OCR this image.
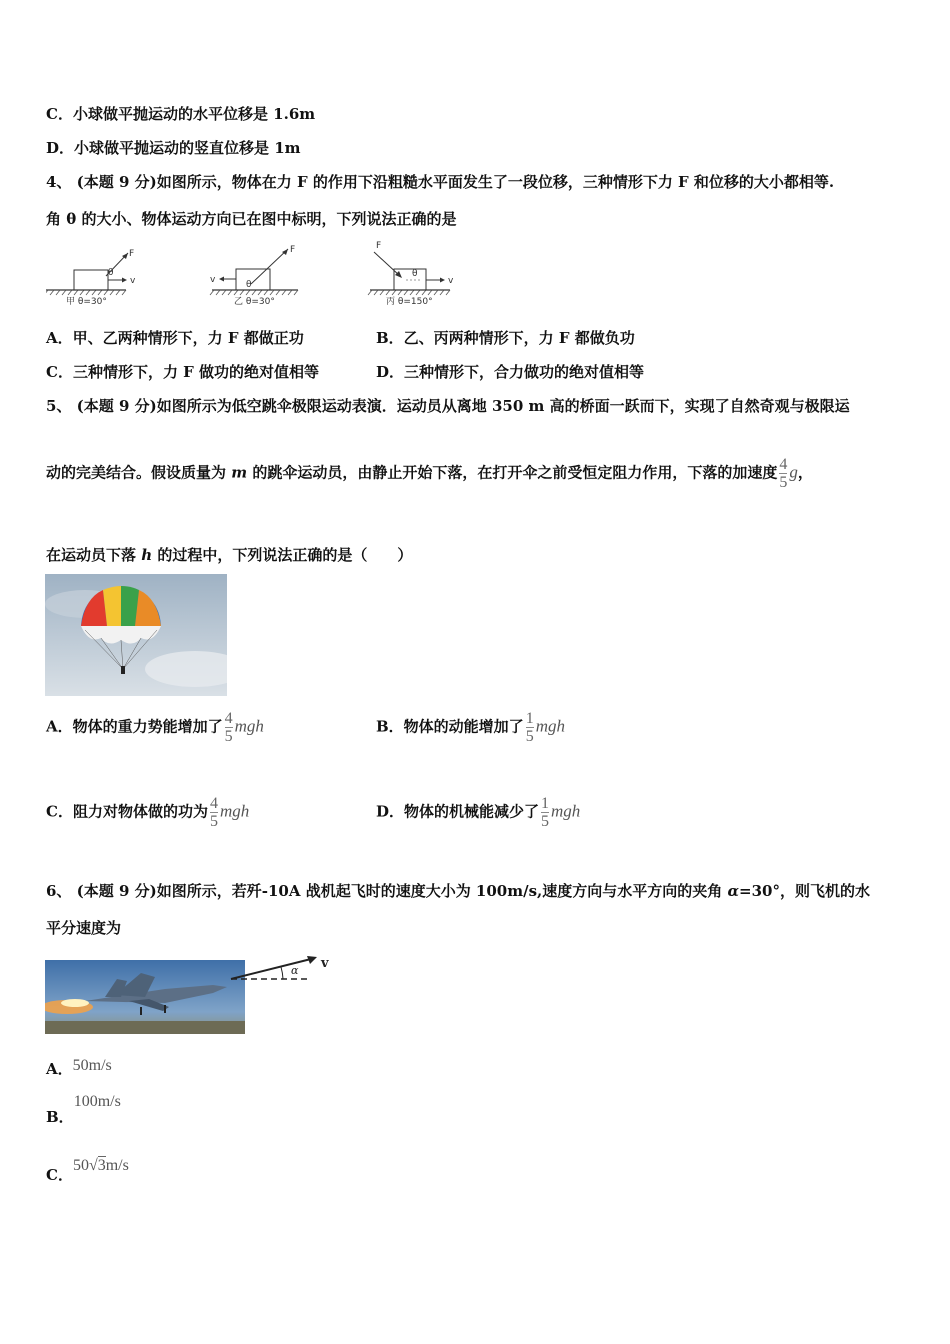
C．小球做平抛运动的水平位移是 1.6m
D．小球做平抛运动的竖直位移是 1m
4、 (本题 9 分)如图所示，物体在力 F 的作用下沿粗糙水平面发生了一段位移，三种情形下力 F 和位移的大小都相等.
角 θ 的大小、物体运动方向已在图中标明，下列说法正确的是
F
θ
v
甲 θ=30°
F
θ
v
乙 θ=30°
F
θ
v
丙 θ=150°
A．甲、乙两种情形下，力 F 都做正功	B．乙、丙两种情形下，力 F 都做负功
C．三种情形下，力 F 做功的绝对值相等	D．三种情形下，合力做功的绝对值相等
5、 (本题 9 分)如图所示为低空跳伞极限运动表演．运动员从离地 350 m 高的桥面一跃而下，实现了自然奇观与极限运
动的完美结合。假设质量为 m 的跳伞运动员，由静止开始下落，在打开伞之前受恒定阻力作用，下落的加速度 $\frac{4}{5}$ g，
在运动员下落 h 的过程中，下列说法正确的是（　　）
A．物体的重力势能增加了 $\frac{4}{5}$ mgh	B．物体的动能增加了 $\frac{1}{5}$ mgh
C．阻力对物体做的功为 $\frac{4}{5}$ mgh	D．物体的机械能减少了 $\frac{1}{5}$ mgh
6、 (本题 9 分)如图所示，若歼-10A 战机起飞时的速度大小为 100m/s,速度方向与水平方向的夹角 α=30°，则飞机的水
平分速度为
α v
A．50m/s
B．100m/s
C．50√3m/s
